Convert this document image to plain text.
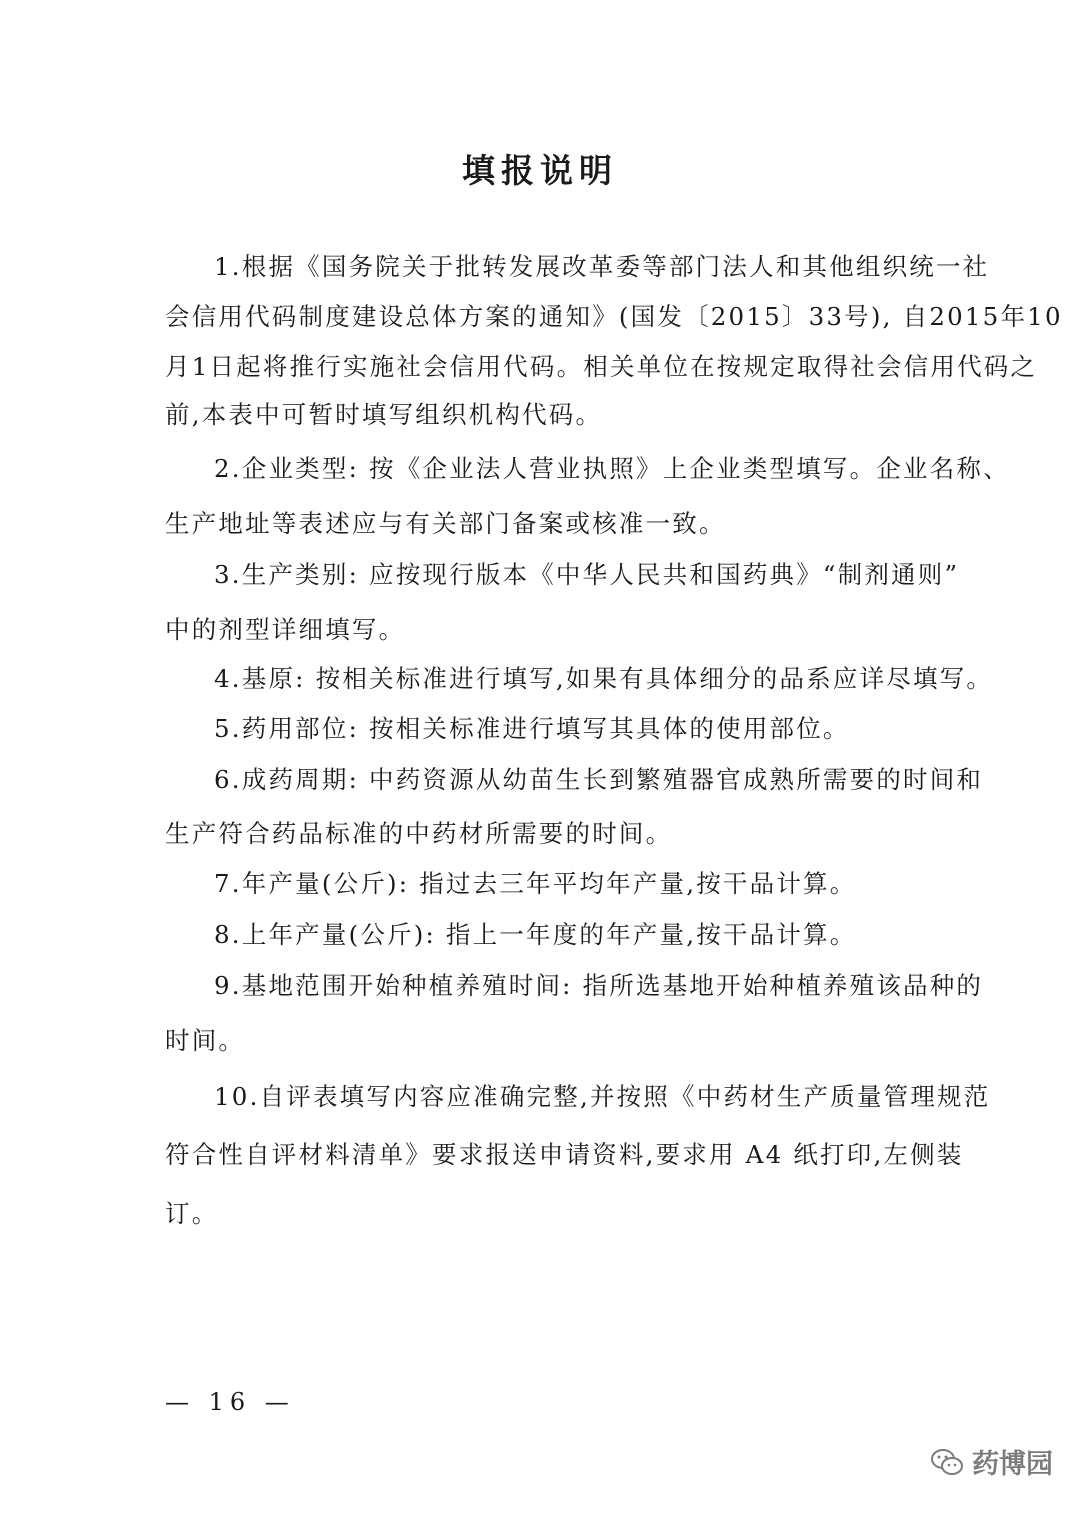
填报说明
1.根据《国务院关于批转发展改革委等部门法人和其他组织统一社
会信用代码制度建设总体方案的通知》(国发〔2015〕33号), 自2015年10
月1日起将推行实施社会信用代码。相关单位在按规定取得社会信用代码之
前,本表中可暂时填写组织机构代码。
2.企业类型: 按《企业法人营业执照》上企业类型填写。企业名称、
生产地址等表述应与有关部门备案或核准一致。
3.生产类别: 应按现行版本《中华人民共和国药典》“制剂通则”
中的剂型详细填写。
4.基原: 按相关标准进行填写,如果有具体细分的品系应详尽填写。
5.药用部位: 按相关标准进行填写其具体的使用部位。
6.成药周期: 中药资源从幼苗生长到繁殖器官成熟所需要的时间和
生产符合药品标准的中药材所需要的时间。
7.年产量(公斤): 指过去三年平均年产量,按干品计算。
8.上年产量(公斤): 指上一年度的年产量,按干品计算。
9.基地范围开始种植养殖时间: 指所选基地开始种植养殖该品种的
时间。
10.自评表填写内容应准确完整,并按照《中药材生产质量管理规范
符合性自评材料清单》要求报送申请资料,要求用 A4 纸打印,左侧装
订。
— 16 —
药博园
